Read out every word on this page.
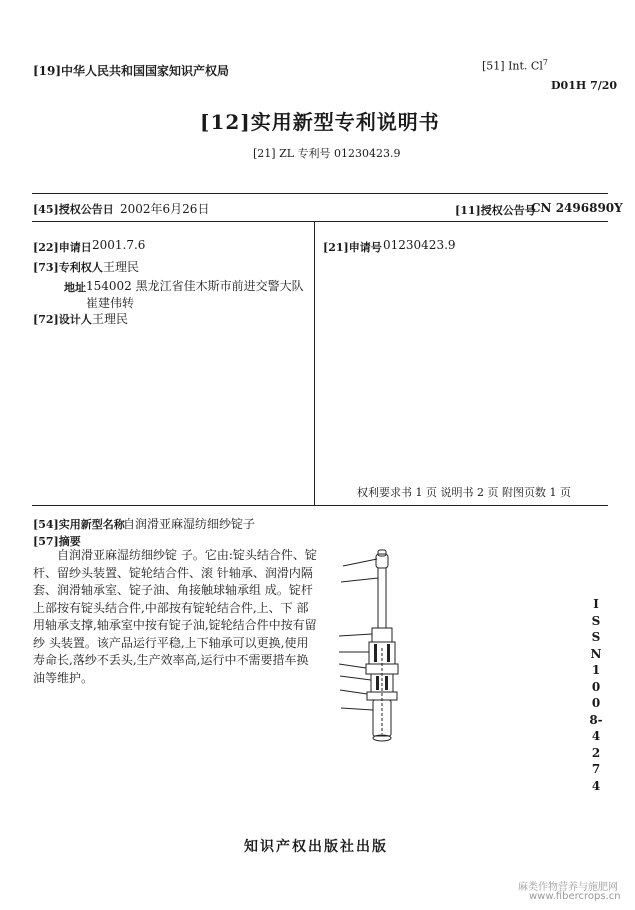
[19]中华人民共和国国家知识产权局	[51] Int. Cl$^7$
D01H 7/20
[12]实用新型专利说明书
[21] ZL 专利号 01230423.9
[45]授权公告日 2002年6月26日	[11]授权公告号
CN 2496890Y
[22]申请日 2001.7.6	[21]申请号 01230423.9
[73]专利权人 王理民
地址 154002 黑龙江省佳木斯市前进交警大队
崔建伟转
[72]设计人 王理民
权利要求书 1 页 说明书 2 页 附图页数 1 页
[54]实用新型名称
自润滑亚麻湿纺细纱锭子
[57]摘要
自润滑亚麻湿纺细纱锭 子。它由:锭头结合件、锭杆、留纱头装置、锭轮结合件、滚 针轴承、润滑内隔套、润滑轴承室、锭子油、角接触球轴承组 成。锭杆上部按有锭头结合件,中部按有锭轮结合件,上、下 部用轴承支撑,轴承室中按有锭子油,锭轮结合件中按有留纱 头装置。该产品运行平稳,上下轴承可以更换,使用寿命长,落纱不丢头,生产效率高,运行中不需要措车换油等维护。
ISSN1008-4274
知识产权出版社出版
麻类作物营养与施肥网
www.fibercrops.cn
